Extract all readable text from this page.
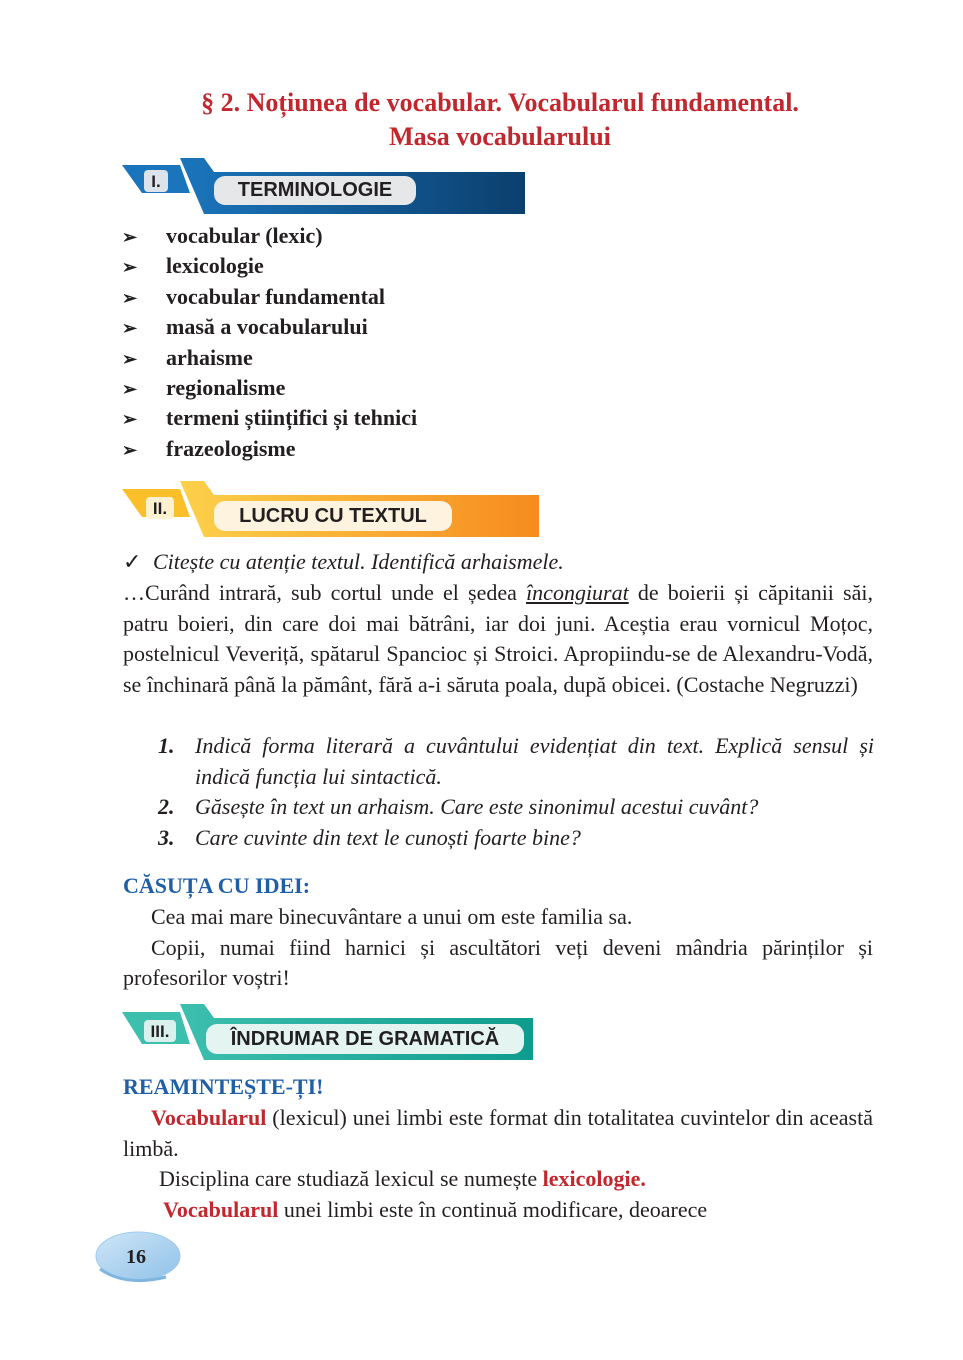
§ 2. Noțiunea de vocabular. Vocabularul fundamental.
Masa vocabularului
I.	TERMINOLOGIE
➢ vocabular (lexic)
➢ lexicologie
➢ vocabular fundamental
➢ masă a vocabularului
➢ arhaisme
➢ regionalisme
➢ termeni științifici și tehnici
➢ frazeologisme
II.	LUCRU CU TEXTUL
✓ Citește cu atenție textul. Identifică arhaismele.
…Curând intrară, sub cortul unde el ședea încongiurat de boierii și căpitanii săi, patru boieri, din care doi mai bătrâni, iar doi juni. Aceștia erau vornicul Moțoc, postelnicul Veveriță, spătarul Spancioc și Stroici. Apropiindu-se de Alexandru-Vodă, se închinară până la pământ, fără a-i săruta poala, după obicei. (Costache Negruzzi)
1. Indică forma literară a cuvântului evidențiat din text. Explică sensul și indică funcția lui sintactică.
2. Găsește în text un arhaism. Care este sinonimul acestui cuvânt?
3. Care cuvinte din text le cunoști foarte bine?
CĂSUȚA CU IDEI:

Cea mai mare binecuvântare a unui om este familia sa.

Copii, numai fiind harnici și ascultători veți deveni mândria părinților și profesorilor voștri!

III.	ÎNDRUMAR DE GRAMATICĂ
REAMINTEȘTE-ȚI!

Vocabularul (lexicul) unei limbi este format din totalitatea cuvintelor din această limbă.

Disciplina care studiază lexicul se numește lexicologie.

Vocabularul unei limbi este în continuă modificare, deoarece

16
